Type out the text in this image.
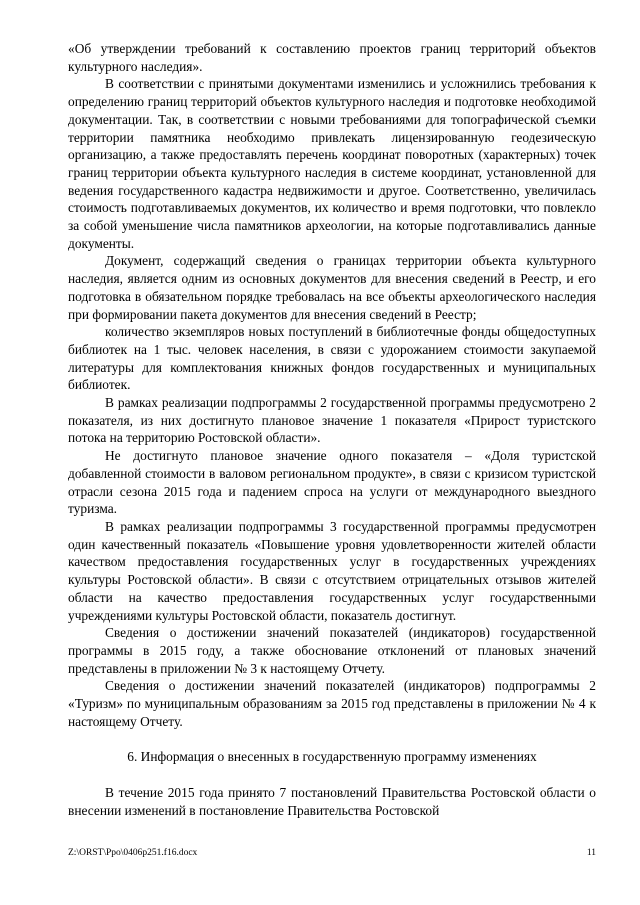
«Об утверждении требований к составлению проектов границ территорий объектов культурного наследия».

В соответствии с принятыми документами изменились и усложнились требования к определению границ территорий объектов культурного наследия и подготовке необходимой документации. Так, в соответствии с новыми требованиями для топографической съемки территории памятника необходимо привлекать лицензированную геодезическую организацию, а также предоставлять перечень координат поворотных (характерных) точек границ территории объекта культурного наследия в системе координат, установленной для ведения государственного кадастра недвижимости и другое. Соответственно, увеличилась стоимость подготавливаемых документов, их количество и время подготовки, что повлекло за собой уменьшение числа памятников археологии, на которые подготавливались данные документы.

Документ, содержащий сведения о границах территории объекта культурного наследия, является одним из основных документов для внесения сведений в Реестр, и его подготовка в обязательном порядке требовалась на все объекты археологического наследия при формировании пакета документов для внесения сведений в Реестр;

количество экземпляров новых поступлений в библиотечные фонды общедоступных библиотек на 1 тыс. человек населения, в связи с удорожанием стоимости закупаемой литературы для комплектования книжных фондов государственных и муниципальных библиотек.

В рамках реализации подпрограммы 2 государственной программы предусмотрено 2 показателя, из них достигнуто плановое значение 1 показателя «Прирост туристского потока на территорию Ростовской области».

Не достигнуто плановое значение одного показателя – «Доля туристской добавленной стоимости в валовом региональном продукте», в связи с кризисом туристской отрасли сезона 2015 года и падением спроса на услуги от международного выездного туризма.

В рамках реализации подпрограммы 3 государственной программы предусмотрен один качественный показатель «Повышение уровня удовлетворенности жителей области качеством предоставления государственных услуг в государственных учреждениях культуры Ростовской области». В связи с отсутствием отрицательных отзывов жителей области на качество предоставления государственных услуг государственными учреждениями культуры Ростовской области, показатель достигнут.

Сведения о достижении значений показателей (индикаторов) государственной программы в 2015 году, а также обоснование отклонений от плановых значений представлены в приложении № 3 к настоящему Отчету.

Сведения о достижении значений показателей (индикаторов) подпрограммы 2 «Туризм» по муниципальным образованиям за 2015 год представлены в приложении № 4 к настоящему Отчету.

6. Информация о внесенных в государственную программу изменениях

В течение 2015 года принято 7 постановлений Правительства Ростовской области о внесении изменений в постановление Правительства Ростовской

Z:\ORST\Ppo\0406p251.f16.docx	11
